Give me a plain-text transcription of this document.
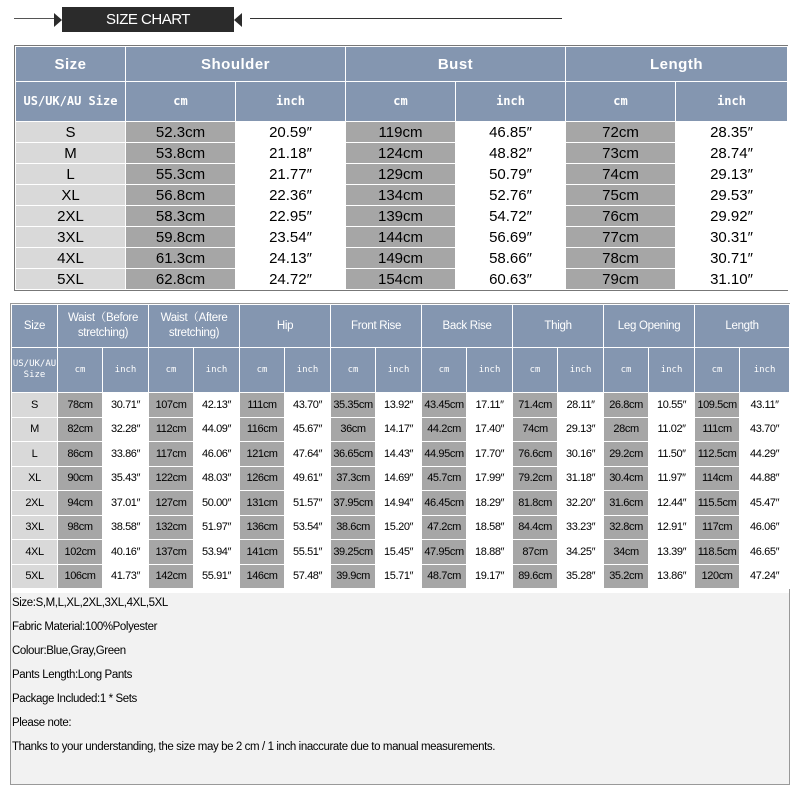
SIZE CHART
Size	Shoulder		Bust		Length	
US/UK/AU Size	cm	inch	cm	inch	cm	inch
S	52.3cm	20.59″	119cm	46.85″	72cm	28.35″
M	53.8cm	21.18″	124cm	48.82″	73cm	28.74″
L	55.3cm	21.77″	129cm	50.79″	74cm	29.13″
XL	56.8cm	22.36″	134cm	52.76″	75cm	29.53″
2XL	58.3cm	22.95″	139cm	54.72″	76cm	29.92″
3XL	59.8cm	23.54″	144cm	56.69″	77cm	30.31″
4XL	61.3cm	24.13″	149cm	58.66″	78cm	30.71″
5XL	62.8cm	24.72″	154cm	60.63″	79cm	31.10″
Size	Waist（Before stretching)		Waist（Aftere stretching)		Hip		Front Rise		Back Rise		Thigh		Leg Opening		Length	
US/UK/AU Size	cm	inch	cm	inch	cm	inch	cm	inch	cm	inch	cm	inch	cm	inch	cm	inch
S	78cm	30.71″	107cm	42.13″	111cm	43.70″	35.35cm	13.92″	43.45cm	17.11″	71.4cm	28.11″	26.8cm	10.55″	109.5cm	43.11″
M	82cm	32.28″	112cm	44.09″	116cm	45.67″	36cm	14.17″	44.2cm	17.40″	74cm	29.13″	28cm	11.02″	111cm	43.70″
L	86cm	33.86″	117cm	46.06″	121cm	47.64″	36.65cm	14.43″	44.95cm	17.70″	76.6cm	30.16″	29.2cm	11.50″	112.5cm	44.29″
XL	90cm	35.43″	122cm	48.03″	126cm	49.61″	37.3cm	14.69″	45.7cm	17.99″	79.2cm	31.18″	30.4cm	11.97″	114cm	44.88″
2XL	94cm	37.01″	127cm	50.00″	131cm	51.57″	37.95cm	14.94″	46.45cm	18.29″	81.8cm	32.20″	31.6cm	12.44″	115.5cm	45.47″
3XL	98cm	38.58″	132cm	51.97″	136cm	53.54″	38.6cm	15.20″	47.2cm	18.58″	84.4cm	33.23″	32.8cm	12.91″	117cm	46.06″
4XL	102cm	40.16″	137cm	53.94″	141cm	55.51″	39.25cm	15.45″	47.95cm	18.88″	87cm	34.25″	34cm	13.39″	118.5cm	46.65″
5XL	106cm	41.73″	142cm	55.91″	146cm	57.48″	39.9cm	15.71″	48.7cm	19.17″	89.6cm	35.28″	35.2cm	13.86″	120cm	47.24″
Size:S,M,L,XL,2XL,3XL,4XL,5XL
Fabric Material:100%Polyester
Colour:Blue,Gray,Green
Pants Length:Long Pants
Package Included:1 * Sets
Please note:
Thanks to your understanding, the size may be 2 cm / 1 inch inaccurate due to manual measurements.
